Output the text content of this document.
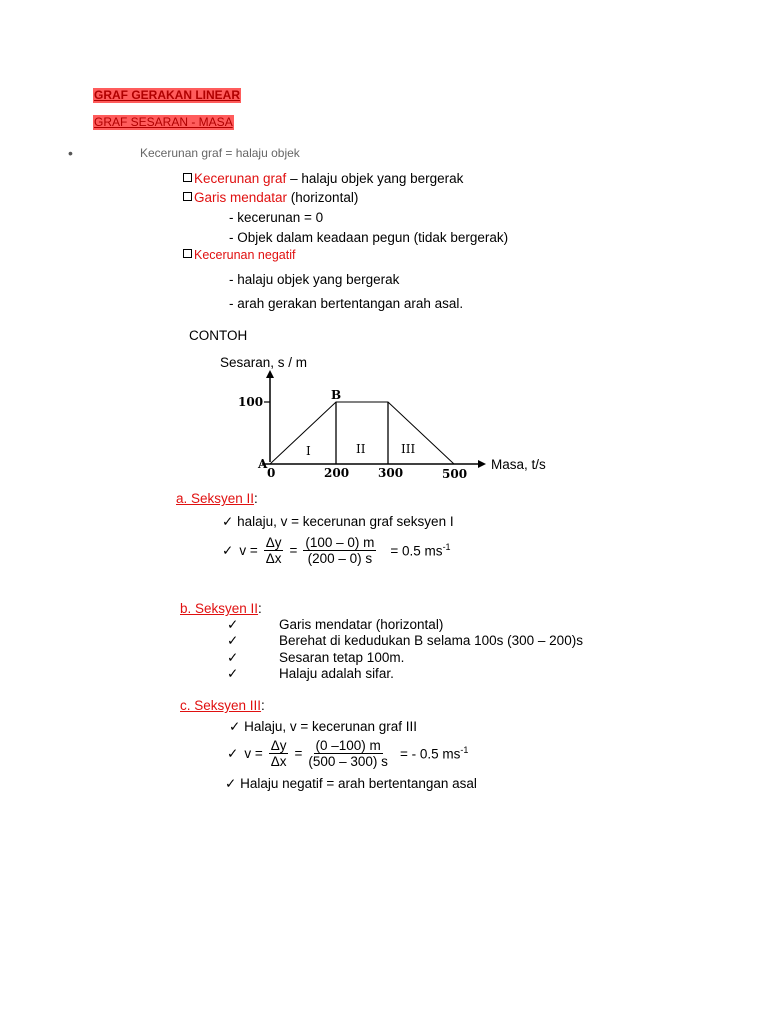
GRAF GERAKAN LINEAR
GRAF SESARAN - MASA
•	Kecerunan graf = halaju objek
Kecerunan graf – halaju objek yang bergerak
Garis mendatar (horizontal)
- kecerunan = 0
- Objek dalam keadaan pegun (tidak bergerak)
Kecerunan negatif
- halaju objek yang bergerak
- arah gerakan bertentangan arah asal.
CONTOH
Sesaran, s / m
100	B
A
I	II	III
0	200 300	500
Masa, t/s
a. Seksyen II:
✓ halaju, v = kecerunan graf seksyen I
✓ $v = \frac{\Delta y}{\Delta x} = \frac{(100 - 0) m}{(200 - 0) s} = 0.5$ $ms^{-1}$
b. Seksyen II:
✓	Garis mendatar (horizontal)
✓	Berehat di kedudukan B selama 100s (300 – 200)s
✓	Sesaran tetap 100m.
✓	Halaju adalah sifar.
c. Seksyen III:
✓ Halaju, v = kecerunan graf III
✓ $v = \frac{\Delta y}{\Delta x} = \frac{(0 -100) m}{(500 - 300) s}$ = - 0.5 $ms^{-1}$
✓ Halaju negatif = arah bertentangan asal
